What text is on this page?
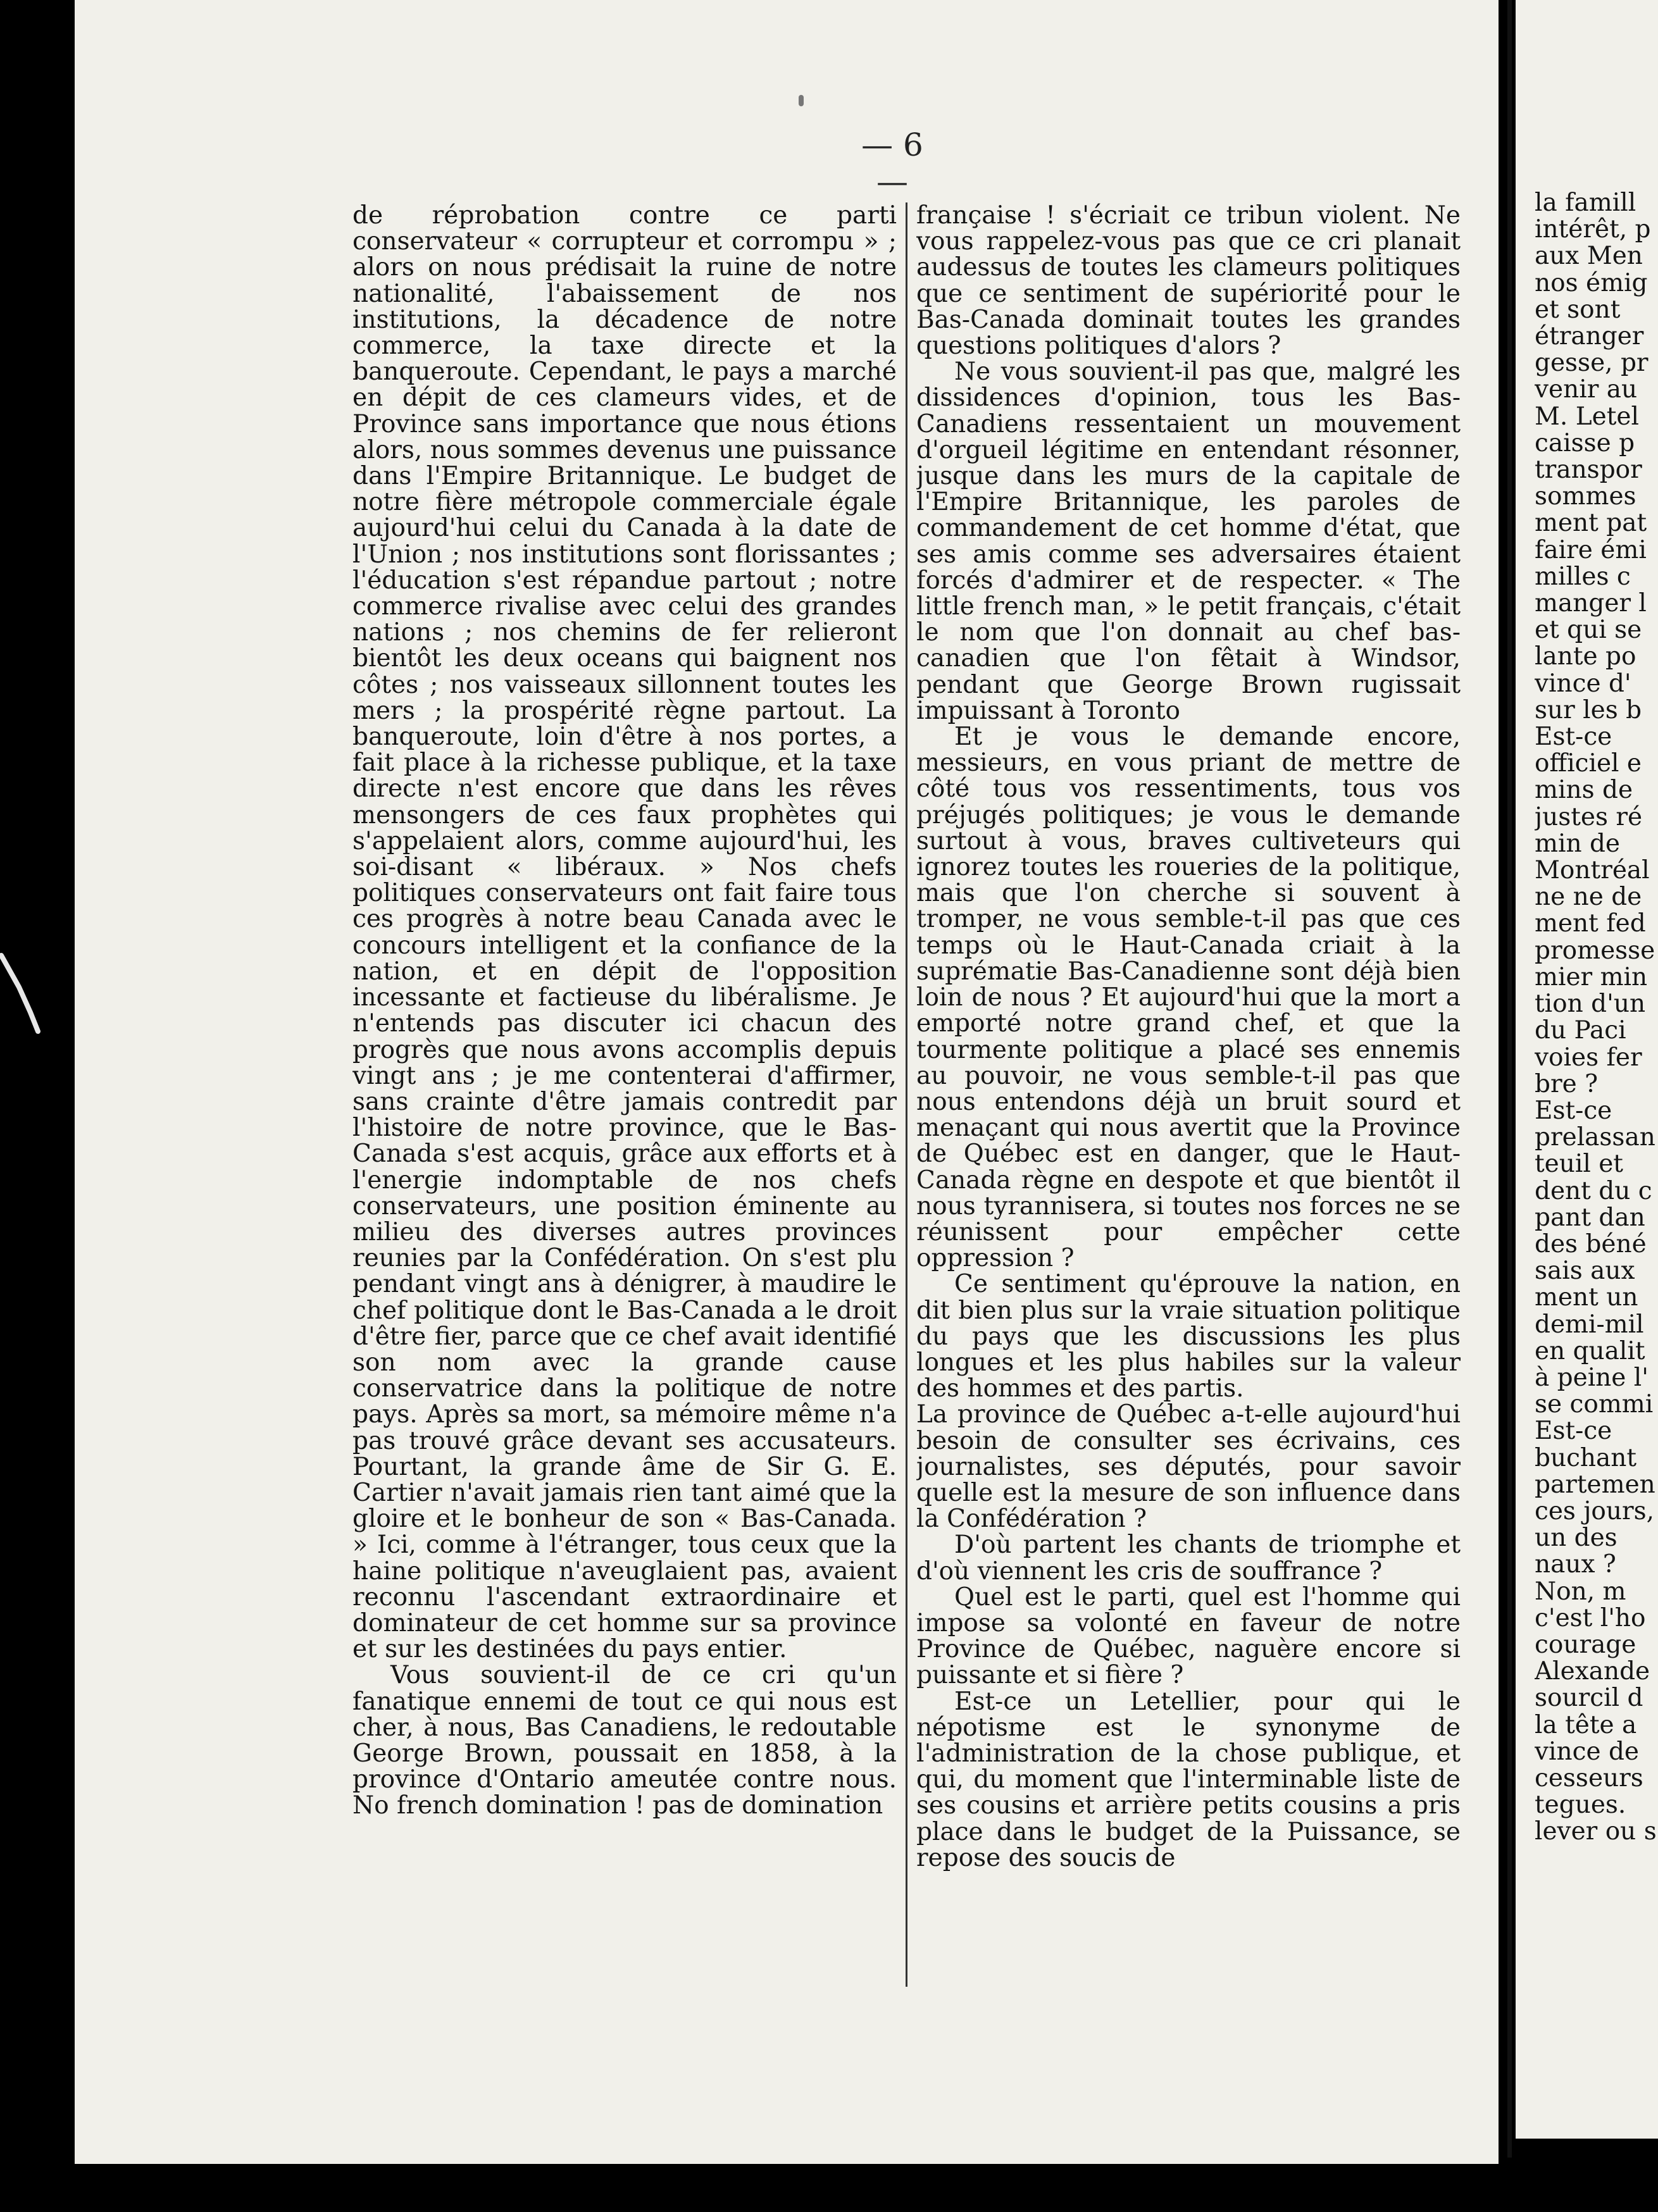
— 6 —

de réprobation contre ce parti conservateur « corrupteur et corrompu » ; alors on nous prédisait la ruine de notre nationalité, l'abaissement de nos institutions, la décadence de notre commerce, la taxe directe et la banqueroute. Cependant, le pays a marché en dépit de ces clameurs vides, et de Province sans importance que nous étions alors, nous sommes devenus une puissance dans l'Empire Britannique. Le budget de notre fière métropole commerciale égale aujourd'hui celui du Canada à la date de l'Union ; nos institutions sont florissantes ; l'éducation s'est répandue partout ; notre commerce rivalise avec celui des grandes nations ; nos chemins de fer relieront bientôt les deux oceans qui baignent nos côtes ; nos vaisseaux sillonnent toutes les mers ; la prospérité règne partout. La banqueroute, loin d'être à nos portes, a fait place à la richesse publique, et la taxe directe n'est encore que dans les rêves mensongers de ces faux prophètes qui s'appelaient alors, comme aujourd'hui, les soi-disant « libéraux. » Nos chefs politiques conservateurs ont fait faire tous ces progrès à notre beau Canada avec le concours intelligent et la confiance de la nation, et en dépit de l'opposition incessante et factieuse du libéralisme. Je n'entends pas discuter ici chacun des progrès que nous avons accomplis depuis vingt ans ; je me contenterai d'affirmer, sans crainte d'être jamais contredit par l'histoire de notre province, que le Bas-Canada s'est acquis, grâce aux efforts et à l'energie indomptable de nos chefs conservateurs, une position éminente au milieu des diverses autres provinces reunies par la Confédération. On s'est plu pendant vingt ans à dénigrer, à maudire le chef politique dont le Bas-Canada a le droit d'être fier, parce que ce chef avait identifié son nom avec la grande cause conservatrice dans la politique de notre pays. Après sa mort, sa mémoire même n'a pas trouvé grâce devant ses accusateurs. Pourtant, la grande âme de Sir G. E. Cartier n'avait jamais rien tant aimé que la gloire et le bonheur de son « Bas-Canada. » Ici, comme à l'étranger, tous ceux que la haine politique n'aveuglaient pas, avaient reconnu l'ascendant extraordinaire et dominateur de cet homme sur sa province et sur les destinées du pays entier.

Vous souvient-il de ce cri qu'un fanatique ennemi de tout ce qui nous est cher, à nous, Bas Canadiens, le redoutable George Brown, poussait en 1858, à la province d'Ontario ameutée contre nous. No french domination ! pas de domination

française ! s'écriait ce tribun violent. Ne vous rappelez-vous pas que ce cri planait audessus de toutes les clameurs politiques que ce sentiment de supériorité pour le Bas-Canada dominait toutes les grandes questions politiques d'alors ?

Ne vous souvient-il pas que, malgré les dissidences d'opinion, tous les Bas-Canadiens ressentaient un mouvement d'orgueil légitime en entendant résonner, jusque dans les murs de la capitale de l'Empire Britannique, les paroles de commandement de cet homme d'état, que ses amis comme ses adversaires étaient forcés d'admirer et de respecter. « The little french man, » le petit français, c'était le nom que l'on donnait au chef bas-canadien que l'on fêtait à Windsor, pendant que George Brown rugissait impuissant à Toronto

Et je vous le demande encore, messieurs, en vous priant de mettre de côté tous vos ressentiments, tous vos préjugés politiques; je vous le demande surtout à vous, braves cultiveteurs qui ignorez toutes les roueries de la politique, mais que l'on cherche si souvent à tromper, ne vous semble-t-il pas que ces temps où le Haut-Canada criait à la suprématie Bas-Canadienne sont déjà bien loin de nous ? Et aujourd'hui que la mort a emporté notre grand chef, et que la tourmente politique a placé ses ennemis au pouvoir, ne vous semble-t-il pas que nous entendons déjà un bruit sourd et menaçant qui nous avertit que la Province de Québec est en danger, que le Haut-Canada règne en despote et que bientôt il nous tyrannisera, si toutes nos forces ne se réunissent pour empêcher cette oppression ?

Ce sentiment qu'éprouve la nation, en dit bien plus sur la vraie situation politique du pays que les discussions les plus longues et les plus habiles sur la valeur des hommes et des partis.

La province de Québec a-t-elle aujourd'hui besoin de consulter ses écrivains, ces journalistes, ses députés, pour savoir quelle est la mesure de son influence dans la Confédération ?

D'où partent les chants de triomphe et d'où viennent les cris de souffrance ?

Quel est le parti, quel est l'homme qui impose sa volonté en faveur de notre Province de Québec, naguère encore si puissante et si fière ?

Est-ce un Letellier, pour qui le népotisme est le synonyme de l'administration de la chose publique, et qui, du moment que l'interminable liste de ses cousins et arrière petits cousins a pris place dans le budget de la Puissance, se repose des soucis de

la famill

intérêt, p

aux Men

nos émig

et sont

étranger

gesse, pr

venir au

M. Letel

caisse p

transpor

sommes

ment pat

faire émi

milles c

manger l

et qui se

lante po

vince d'

sur les b

Est-ce

officiel e

mins de

justes ré

min de

Montréal

ne ne de

ment fed

promesse

mier min

tion d'un

du Paci

voies fer

bre ?

Est-ce

prelassan

teuil et

dent du c

pant dan

des béné

sais aux

ment un

demi-mil

en qualit

à peine l'

se commi

Est-ce

buchant

partemen

ces jours,

un des

naux ?

Non, m

c'est l'ho

courage

Alexande

sourcil d

la tête a

vince de

cesseurs

tegues.

lever ou s
